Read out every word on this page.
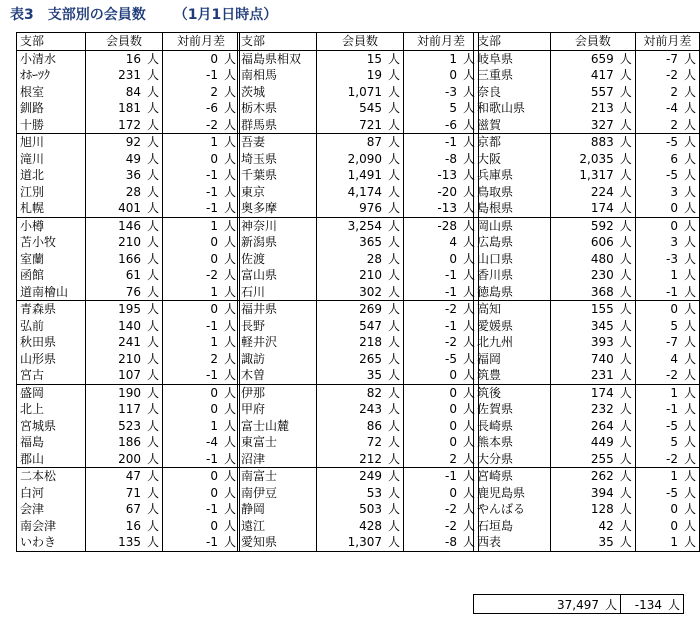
表3　支部別の会員数 （1月1日時点）
支部	会員数	対前月差
小清水	16 人	0 人
ｵﾎｰﾂｸ	231 人	-1 人
根室	84 人	2 人
釧路	181 人	-6 人
十勝	172 人	-2 人
旭川	92 人	1 人
滝川	49 人	0 人
道北	36 人	-1 人
江別	28 人	-1 人
札幌	401 人	-1 人
小樽	146 人	1 人
苫小牧	210 人	0 人
室蘭	166 人	0 人
函館	61 人	-2 人
道南檜山	76 人	1 人
青森県	195 人	0 人
弘前	140 人	-1 人
秋田県	241 人	1 人
山形県	210 人	2 人
宮古	107 人	-1 人
盛岡	190 人	0 人
北上	117 人	0 人
宮城県	523 人	1 人
福島	186 人	-4 人
郡山	200 人	-1 人
二本松	47 人	0 人
白河	71 人	0 人
会津	67 人	-1 人
南会津	16 人	0 人
いわき	135 人	-1 人
支部	会員数	対前月差
福島県相双	15 人	1 人
南相馬	19 人	0 人
茨城	1,071 人	-3 人
栃木県	545 人	5 人
群馬県	721 人	-6 人
吾妻	87 人	-1 人
埼玉県	2,090 人	-8 人
千葉県	1,491 人	-13 人
東京	4,174 人	-20 人
奥多摩	976 人	-13 人
神奈川	3,254 人	-28 人
新潟県	365 人	4 人
佐渡	28 人	0 人
富山県	210 人	-1 人
石川	302 人	-1 人
福井県	269 人	-2 人
長野	547 人	-1 人
軽井沢	218 人	-2 人
諏訪	265 人	-5 人
木曽	35 人	0 人
伊那	82 人	0 人
甲府	243 人	0 人
富士山麓	86 人	0 人
東富士	72 人	0 人
沼津	212 人	2 人
南富士	249 人	-1 人
南伊豆	53 人	0 人
静岡	503 人	-2 人
遠江	428 人	-2 人
愛知県	1,307 人	-8 人
支部	会員数	対前月差
岐阜県	659 人	-7 人
三重県	417 人	-2 人
奈良	557 人	2 人
和歌山県	213 人	-4 人
滋賀	327 人	2 人
京都	883 人	-5 人
大阪	2,035 人	6 人
兵庫県	1,317 人	-5 人
鳥取県	224 人	3 人
島根県	174 人	0 人
岡山県	592 人	0 人
広島県	606 人	3 人
山口県	480 人	-3 人
香川県	230 人	1 人
徳島県	368 人	-1 人
高知	155 人	0 人
愛媛県	345 人	5 人
北九州	393 人	-7 人
福岡	740 人	4 人
筑豊	231 人	-2 人
筑後	174 人	1 人
佐賀県	232 人	-1 人
長崎県	264 人	-5 人
熊本県	449 人	5 人
大分県	255 人	-2 人
宮崎県	262 人	1 人
鹿児島県	394 人	-5 人
やんばる	128 人	0 人
石垣島	42 人	0 人
西表	35 人	1 人
37,497 人	-134 人
